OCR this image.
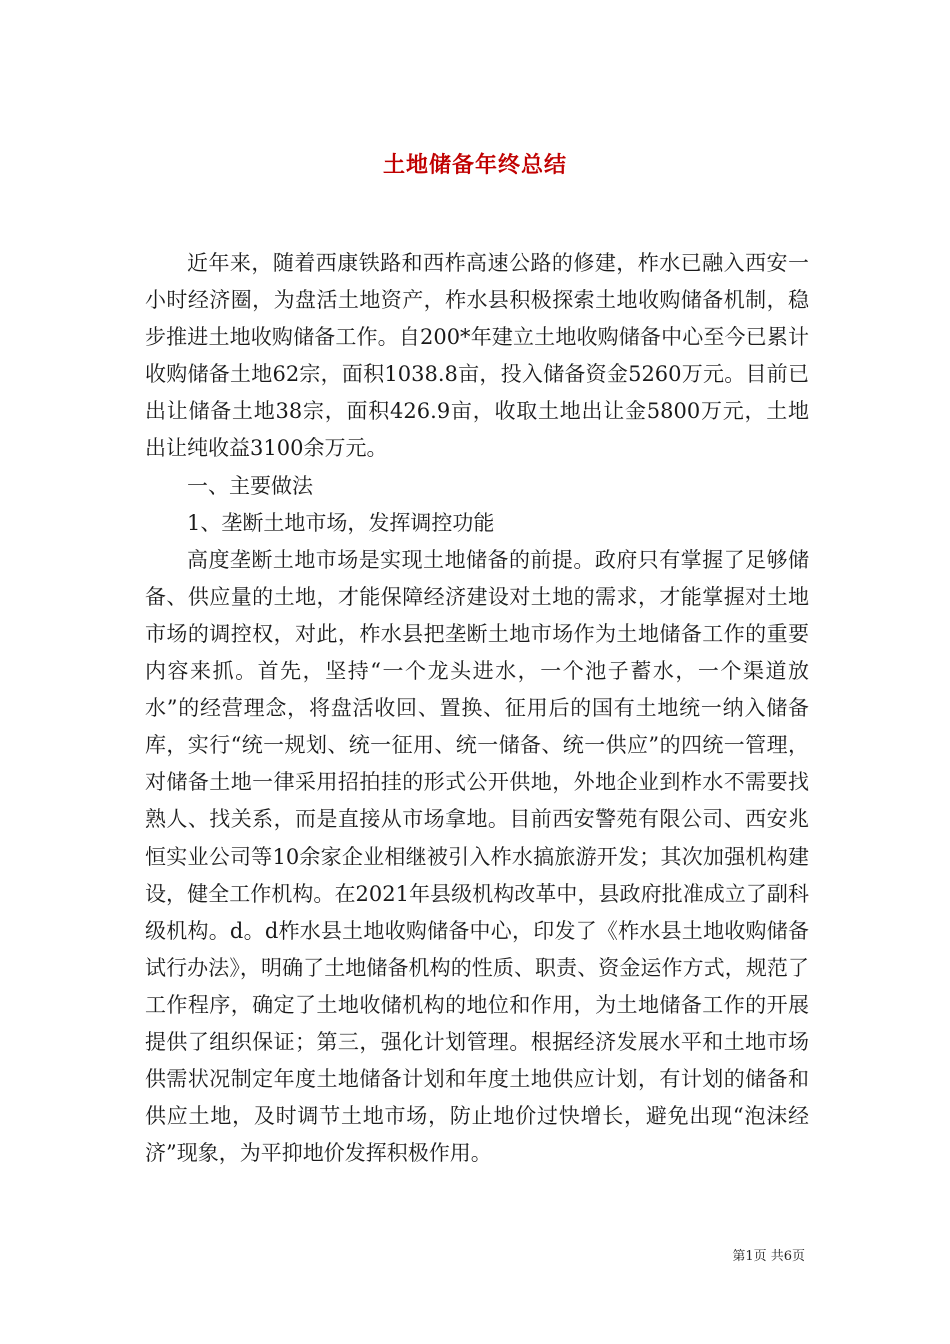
土地储备年终总结

近年来，随着西康铁路和西柞高速公路的修建，柞水已融入西安一小时经济圈，为盘活土地资产，柞水县积极探索土地收购储备机制，稳步推进土地收购储备工作。自200*年建立土地收购储备中心至今已累计收购储备土地62宗，面积1038.8亩，投入储备资金5260万元。目前已出让储备土地38宗，面积426.9亩，收取土地出让金5800万元，土地出让纯收益3100余万元。

一、主要做法

1、垄断土地市场，发挥调控功能

高度垄断土地市场是实现土地储备的前提。政府只有掌握了足够储备、供应量的土地，才能保障经济建设对土地的需求，才能掌握对土地市场的调控权，对此，柞水县把垄断土地市场作为土地储备工作的重要内容来抓。首先，坚持“一个龙头进水，一个池子蓄水，一个渠道放水”的经营理念，将盘活收回、置换、征用后的国有土地统一纳入储备库，实行“统一规划、统一征用、统一储备、统一供应”的四统一管理，对储备土地一律采用招拍挂的形式公开供地，外地企业到柞水不需要找熟人、找关系，而是直接从市场拿地。目前西安警苑有限公司、西安兆恒实业公司等10余家企业相继被引入柞水搞旅游开发；其次加强机构建设，健全工作机构。在2021年县级机构改革中，县政府批准成立了副科级机构。d。d柞水县土地收购储备中心，印发了《柞水县土地收购储备试行办法》，明确了土地储备机构的性质、职责、资金运作方式，规范了工作程序，确定了土地收储机构的地位和作用，为土地储备工作的开展提供了组织保证；第三，强化计划管理。根据经济发展水平和土地市场供需状况制定年度土地储备计划和年度土地供应计划，有计划的储备和供应土地，及时调节土地市场，防止地价过快增长，避免出现“泡沫经济”现象，为平抑地价发挥积极作用。

第1页 共6页
